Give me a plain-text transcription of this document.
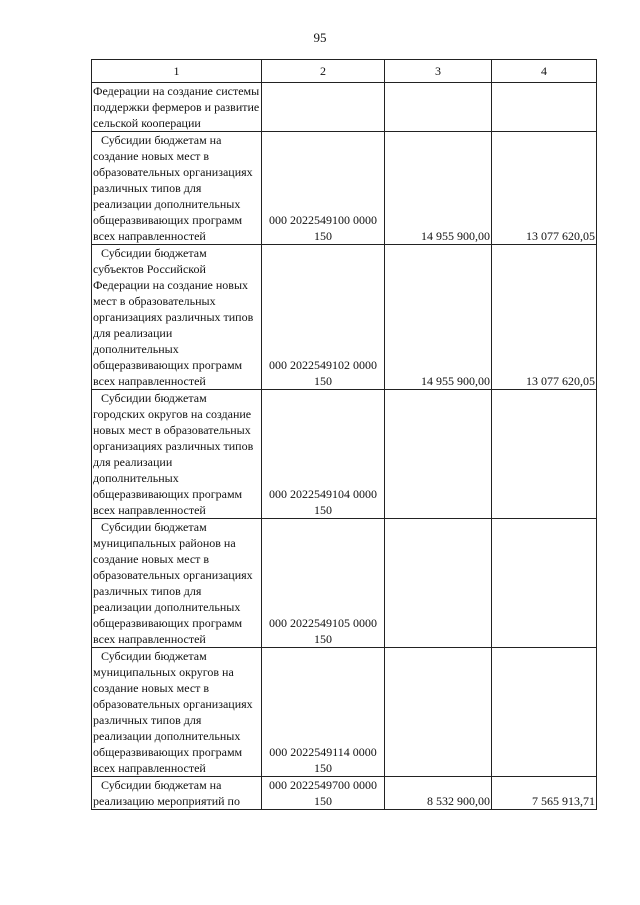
95
1	2	3	4
Федерации на создание системы поддержки фермеров и развитие сельской кооперации			
Субсидии бюджетам на создание новых мест в образовательных организациях различных типов для реализации дополнительных общеразвивающих программ всех направленностей	000 2022549100 0000 150	14 955 900,00	13 077 620,05
Субсидии бюджетам субъектов Российской Федерации на создание новых мест в образовательных организациях различных типов для реализации дополнительных общеразвивающих программ всех направленностей	000 2022549102 0000 150	14 955 900,00	13 077 620,05
Субсидии бюджетам городских округов на создание новых мест в образовательных организациях различных типов для реализации дополнительных общеразвивающих программ всех направленностей	000 2022549104 0000 150		
Субсидии бюджетам муниципальных районов на создание новых мест в образовательных организациях различных типов для реализации дополнительных общеразвивающих программ всех направленностей	000 2022549105 0000 150		
Субсидии бюджетам муниципальных округов на создание новых мест в образовательных организациях различных типов для реализации дополнительных общеразвивающих программ всех направленностей	000 2022549114 0000 150		
Субсидии бюджетам на реализацию мероприятий по	000 2022549700 0000 150	8 532 900,00	7 565 913,71
